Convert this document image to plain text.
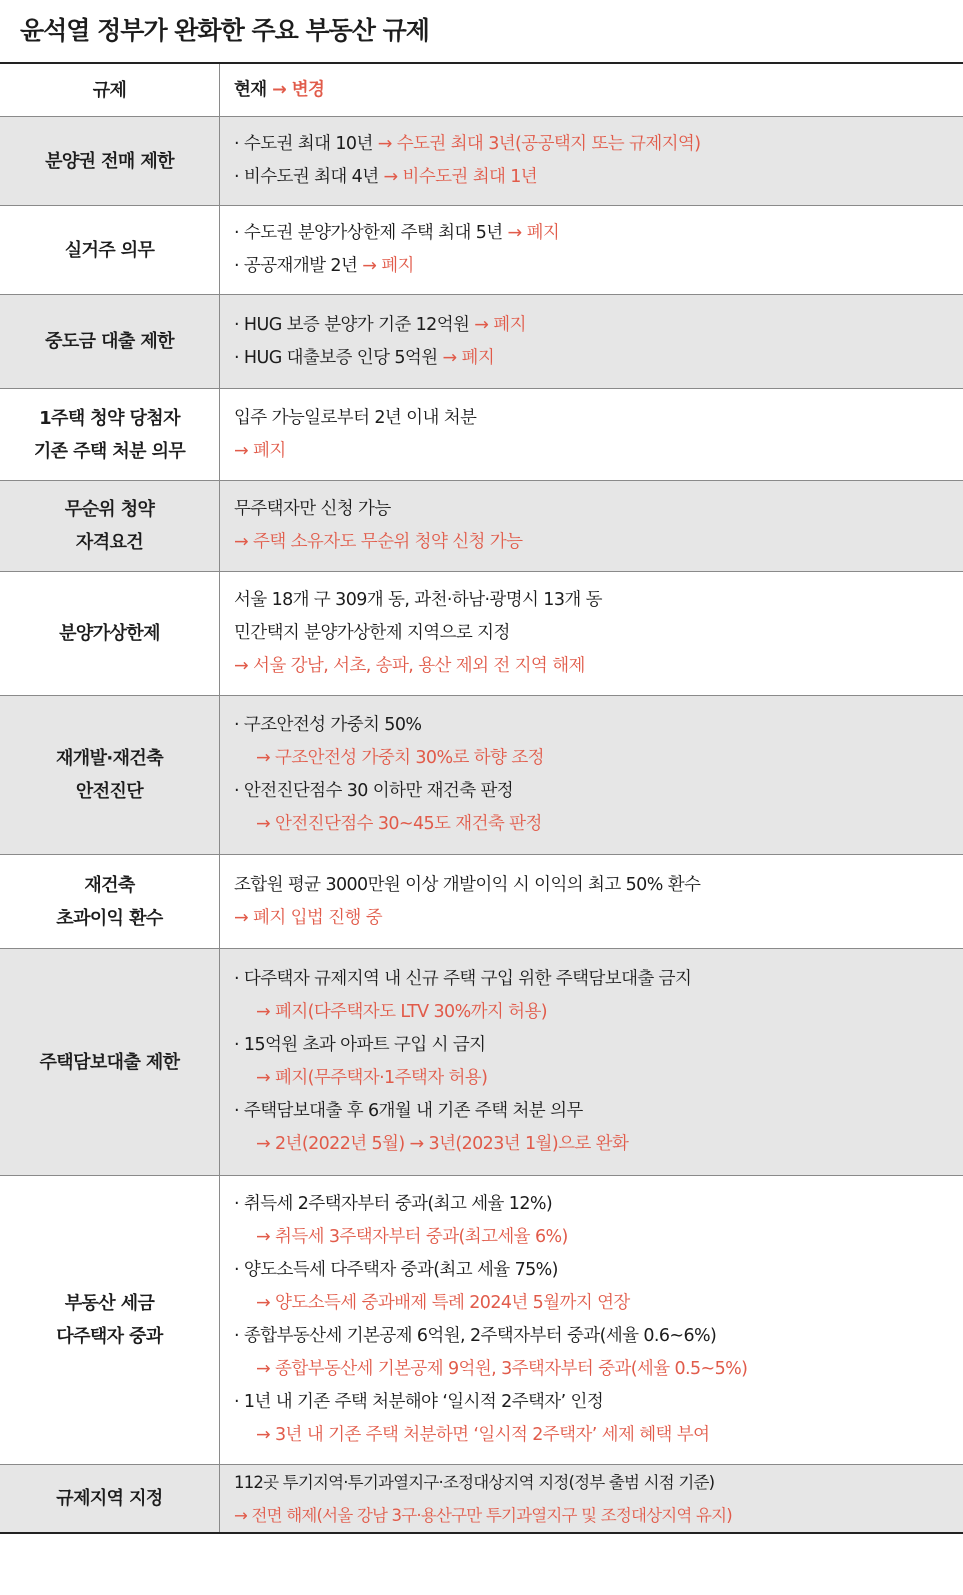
윤석열 정부가 완화한 주요 부동산 규제
규제	현재 → 변경
분양권 전매 제한
· 수도권 최대 10년 → 수도권 최대 3년(공공택지 또는 규제지역)
· 비수도권 최대 4년 → 비수도권 최대 1년
실거주 의무
· 수도권 분양가상한제 주택 최대 5년 → 폐지
· 공공재개발 2년 → 폐지
중도금 대출 제한
· HUG 보증 분양가 기준 12억원 → 폐지
· HUG 대출보증 인당 5억원 → 폐지
1주택 청약 당첨자
기존 주택 처분 의무
입주 가능일로부터 2년 이내 처분
→ 폐지
무순위 청약
자격요건
무주택자만 신청 가능
→ 주택 소유자도 무순위 청약 신청 가능
분양가상한제
서울 18개 구 309개 동, 과천·하남·광명시 13개 동
민간택지 분양가상한제 지역으로 지정
→ 서울 강남, 서초, 송파, 용산 제외 전 지역 해제
재개발·재건축
안전진단
· 구조안전성 가중치 50%
→ 구조안전성 가중치 30%로 하향 조정
· 안전진단점수 30 이하만 재건축 판정
→ 안전진단점수 30~45도 재건축 판정
재건축
초과이익 환수
조합원 평균 3000만원 이상 개발이익 시 이익의 최고 50% 환수
→ 폐지 입법 진행 중
주택담보대출 제한
· 다주택자 규제지역 내 신규 주택 구입 위한 주택담보대출 금지
→ 폐지(다주택자도 LTV 30%까지 허용)
· 15억원 초과 아파트 구입 시 금지
→ 폐지(무주택자·1주택자 허용)
· 주택담보대출 후 6개월 내 기존 주택 처분 의무
→ 2년(2022년 5월) → 3년(2023년 1월)으로 완화
부동산 세금
다주택자 중과
· 취득세 2주택자부터 중과(최고 세율 12%)
→ 취득세 3주택자부터 중과(최고세율 6%)
· 양도소득세 다주택자 중과(최고 세율 75%)
→ 양도소득세 중과배제 특례 2024년 5월까지 연장
· 종합부동산세 기본공제 6억원, 2주택자부터 중과(세율 0.6~6%)
→ 종합부동산세 기본공제 9억원, 3주택자부터 중과(세율 0.5~5%)
· 1년 내 기존 주택 처분해야 ‘일시적 2주택자’ 인정
→ 3년 내 기존 주택 처분하면 ‘일시적 2주택자’ 세제 혜택 부여
규제지역 지정
112곳 투기지역·투기과열지구·조정대상지역 지정(정부 출범 시점 기준)
→ 전면 해제(서울 강남 3구·용산구만 투기과열지구 및 조정대상지역 유지)
